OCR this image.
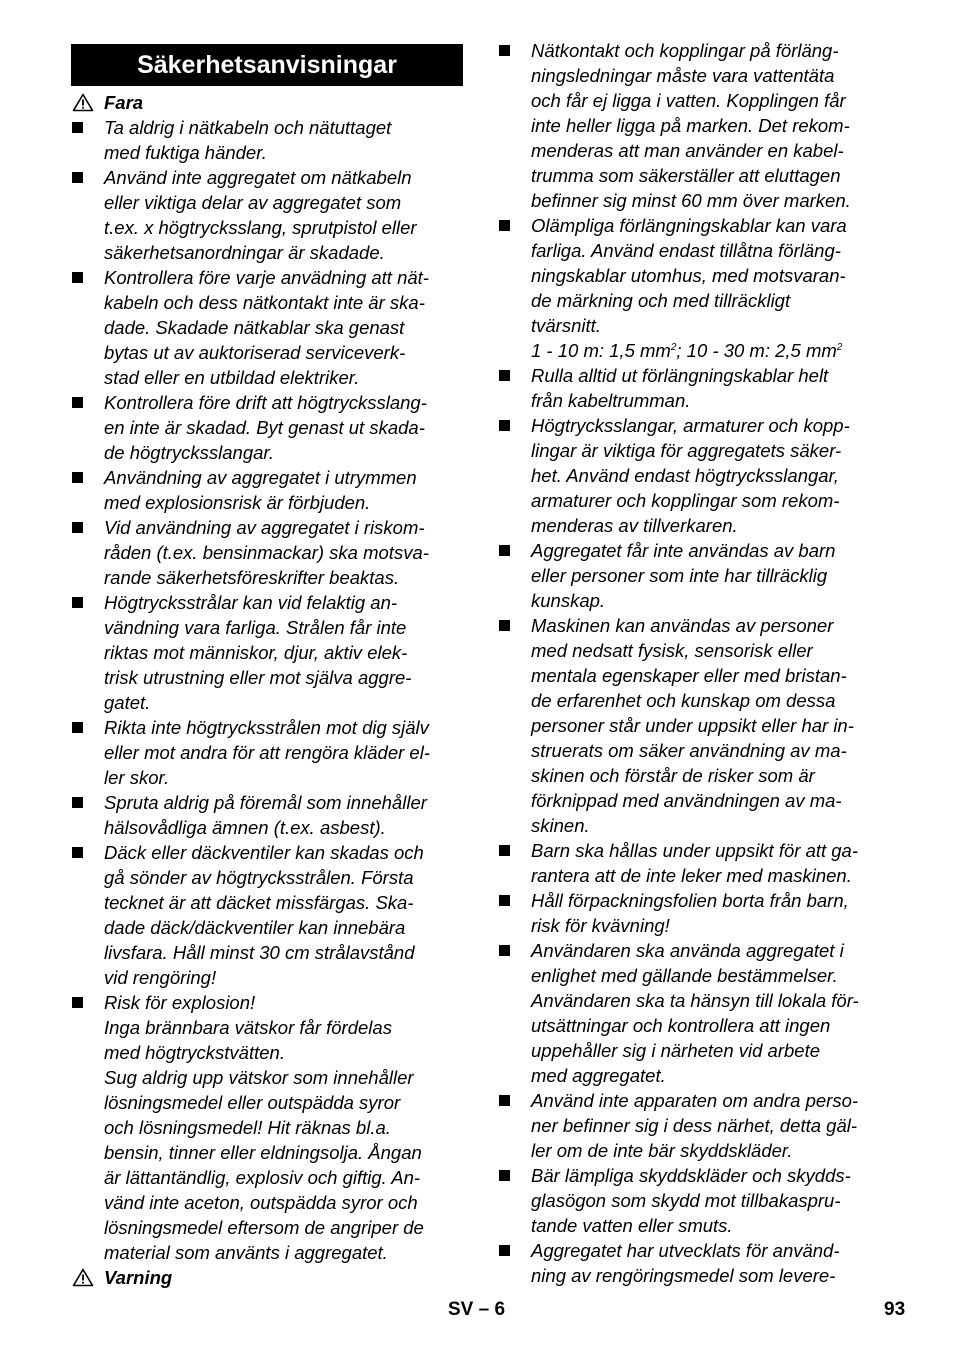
Säkerhetsanvisningar
Fara
Ta aldrig i nätkabeln och nätuttaget
med fuktiga händer.
Använd inte aggregatet om nätkabeln
eller viktiga delar av aggregatet som
t.ex. x högtrycksslang, sprutpistol eller
säkerhetsanordningar är skadade.
Kontrollera före varje anvädning att nät-
kabeln och dess nätkontakt inte är ska-
dade. Skadade nätkablar ska genast
bytas ut av auktoriserad serviceverk-
stad eller en utbildad elektriker.
Kontrollera före drift att högtrycksslang-
en inte är skadad. Byt genast ut skada-
de högtrycksslangar.
Användning av aggregatet i utrymmen
med explosionsrisk är förbjuden.
Vid användning av aggregatet i riskom-
råden (t.ex. bensinmackar) ska motsva-
rande säkerhetsföreskrifter beaktas.
Högtrycksstrålar kan vid felaktig an-
vändning vara farliga. Strålen får inte
riktas mot människor, djur, aktiv elek-
trisk utrustning eller mot själva aggre-
gatet.
Rikta inte högtrycksstrålen mot dig själv
eller mot andra för att rengöra kläder el-
ler skor.
Spruta aldrig på föremål som innehåller
hälsovådliga ämnen (t.ex. asbest).
Däck eller däckventiler kan skadas och
gå sönder av högtrycksstrålen. Första
tecknet är att däcket missfärgas. Ska-
dade däck/däckventiler kan innebära
livsfara. Håll minst 30 cm strålavstånd
vid rengöring!
Risk för explosion!
Inga brännbara vätskor får fördelas
med högtryckstvätten.
Sug aldrig upp vätskor som innehåller
lösningsmedel eller outspädda syror
och lösningsmedel! Hit räknas bl.a.
bensin, tinner eller eldningsolja. Ångan
är lättantändlig, explosiv och giftig. An-
vänd inte aceton, outspädda syror och
lösningsmedel eftersom de angriper de
material som använts i aggregatet.
Varning
Nätkontakt och kopplingar på förläng-
ningsledningar måste vara vattentäta
och får ej ligga i vatten. Kopplingen får
inte heller ligga på marken. Det rekom-
menderas att man använder en kabel-
trumma som säkerställer att eluttagen
befinner sig minst 60 mm över marken.
Olämpliga förlängningskablar kan vara
farliga. Använd endast tillåtna förläng-
ningskablar utomhus, med motsvaran-
de märkning och med tillräckligt
tvärsnitt.
1 - 10 m: 1,5 $mm^2$; 10 - 30 m: 2,5 $mm^2$
Rulla alltid ut förlängningskablar helt
från kabeltrumman.
Högtrycksslangar, armaturer och kopp-
lingar är viktiga för aggregatets säker-
het. Använd endast högtrycksslangar,
armaturer och kopplingar som rekom-
menderas av tillverkaren.
Aggregatet får inte användas av barn
eller personer som inte har tillräcklig
kunskap.
Maskinen kan användas av personer
med nedsatt fysisk, sensorisk eller
mentala egenskaper eller med bristan-
de erfarenhet och kunskap om dessa
personer står under uppsikt eller har in-
struerats om säker användning av ma-
skinen och förstår de risker som är
förknippad med användningen av ma-
skinen.
Barn ska hållas under uppsikt för att ga-
rantera att de inte leker med maskinen.
Håll förpackningsfolien borta från barn,
risk för kvävning!
Användaren ska använda aggregatet i
enlighet med gällande bestämmelser.
Användaren ska ta hänsyn till lokala för-
utsättningar och kontrollera att ingen
uppehåller sig i närheten vid arbete
med aggregatet.
Använd inte apparaten om andra perso-
ner befinner sig i dess närhet, detta gäl-
ler om de inte bär skyddskläder.
Bär lämpliga skyddskläder och skydds-
glasögon som skydd mot tillbakaspru-
tande vatten eller smuts.
Aggregatet har utvecklats för använd-
ning av rengöringsmedel som levere-
SV – 6	93
